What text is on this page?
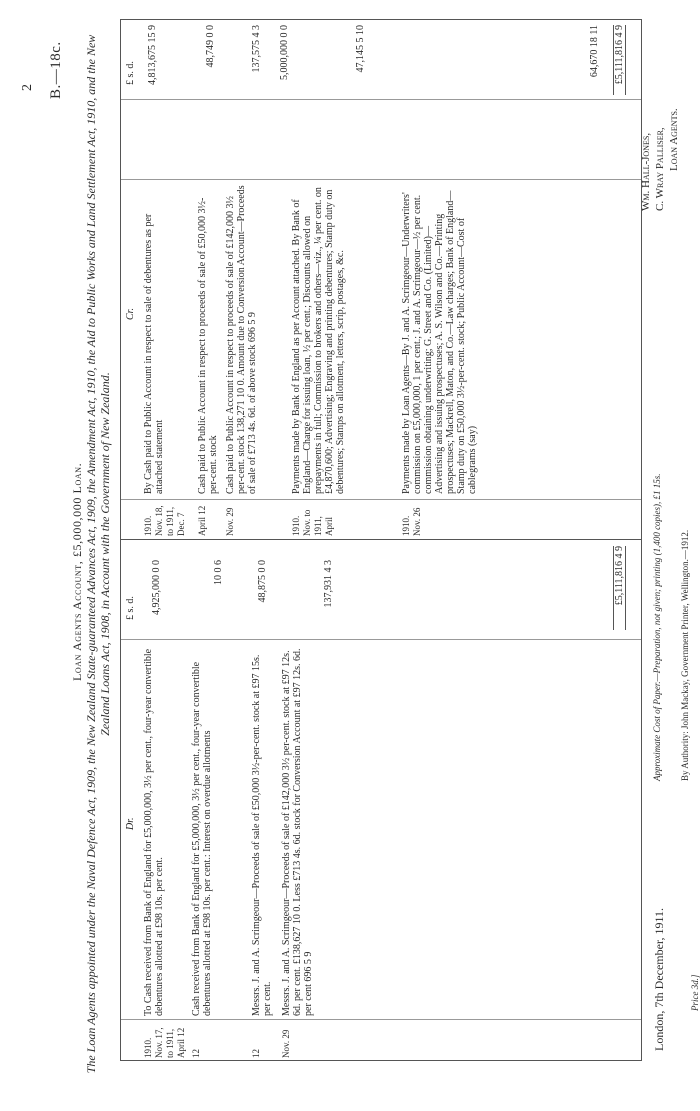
B.—18c.
2
Loan Agents Account, £5,000,000 Loan. The Loan Agents appointed under the Naval Defence Act, 1909, the New Zealand State-guaranteed Advances Act, 1909, the Amendment Act, 1910, the Aid to Public Works and Land Settlement Act, 1910, and the New Zealand Loans Act, 1908, in Account with the Government of New Zealand.
Dr.
£ s. d.
Cr.
£ s. d.
1910. Nov. 17, to 1911, April 12
To Cash received from Bank of England for £5,000,000, 3½ per cent., four-year convertible debentures allotted at £98 10s. per cent.
4,925,000 0 0
12
Cash received from Bank of England for £5,000,000, 3½ per cent., four-year convertible debentures allotted at £98 10s. per cent.: Interest on overdue allotments
10 0 6
12
Messrs. J. and A. Scrimgeour—Proceeds of sale of £50,000 3½-per-cent. stock at £97 15s. per cent.
48,875 0 0
Nov. 29
Messrs. J. and A. Scrimgeour—Proceeds of sale of £142,000 3½ per-cent. stock at £97 12s. 6d. per cent. £138,627 10 0. Less £713 4s. 6d. stock for Conversion Account at £97 12s. 6d. per cent 696 5 9
137,931 4 3	£5,111,816 4 9
1910. Nov. 18, to 1911, Dec. 7
By Cash paid to Public Account in respect to sale of debentures as per attached statement
4,813,675 15 9
April 12
Cash paid to Public Account in respect to proceeds of sale of £50,000 3½-per-cent. stock
48,749 0 0
Nov. 29
Cash paid to Public Account in respect to proceeds of sale of £142,000 3½ per-cent. stock 138,271 10 0. Amount due to Conversion Account—Proceeds of sale of £713 4s. 6d. of above stock 696 5 9
137,575 4 3 5,000,000 0 0
1910. Nov. to 1911, April
Payments made by Bank of England as per Account attached. By Bank of England—Charge for issuing loan, ½ per cent.; Discounts allowed on prepayments in full; Commission to brokers and others—viz., ¼ per cent. on £4,870,600; Advertising; Engraving and printing debentures; Stamp duty on debentures; Stamps on allotment, letters, scrip, postages, &c.
47,145 5 10
1910. Nov. 26
Payments made by Loan Agents—By J. and A. Scrimgeour—Underwriters' commission on £5,000,000, 1 per cent.; J. and A. Scrimgeour—½ per cent. commission obtaining underwriting; G. Street and Co. (Limited)—Advertising and issuing prospectuses; A. S. Wilson and Co.—Printing prospectuses; Mackrell, Maton, and Co.—Law charges; Bank of England—Stamp duty on £50,000 3½-per-cent. stock; Public Account—Cost of cablegrams (say)
64,670 18 11 £5,111,816 4 9
London, 7th December, 1911.
Wm. Hall-Jones, C. Wray Palliser, Loan Agents.
Approximate Cost of Paper.—Preparation, not given; printing (1,400 copies), £1 15s. By Authority: John Mackay, Government Printer, Wellington.—1912.
Price 3d.]
